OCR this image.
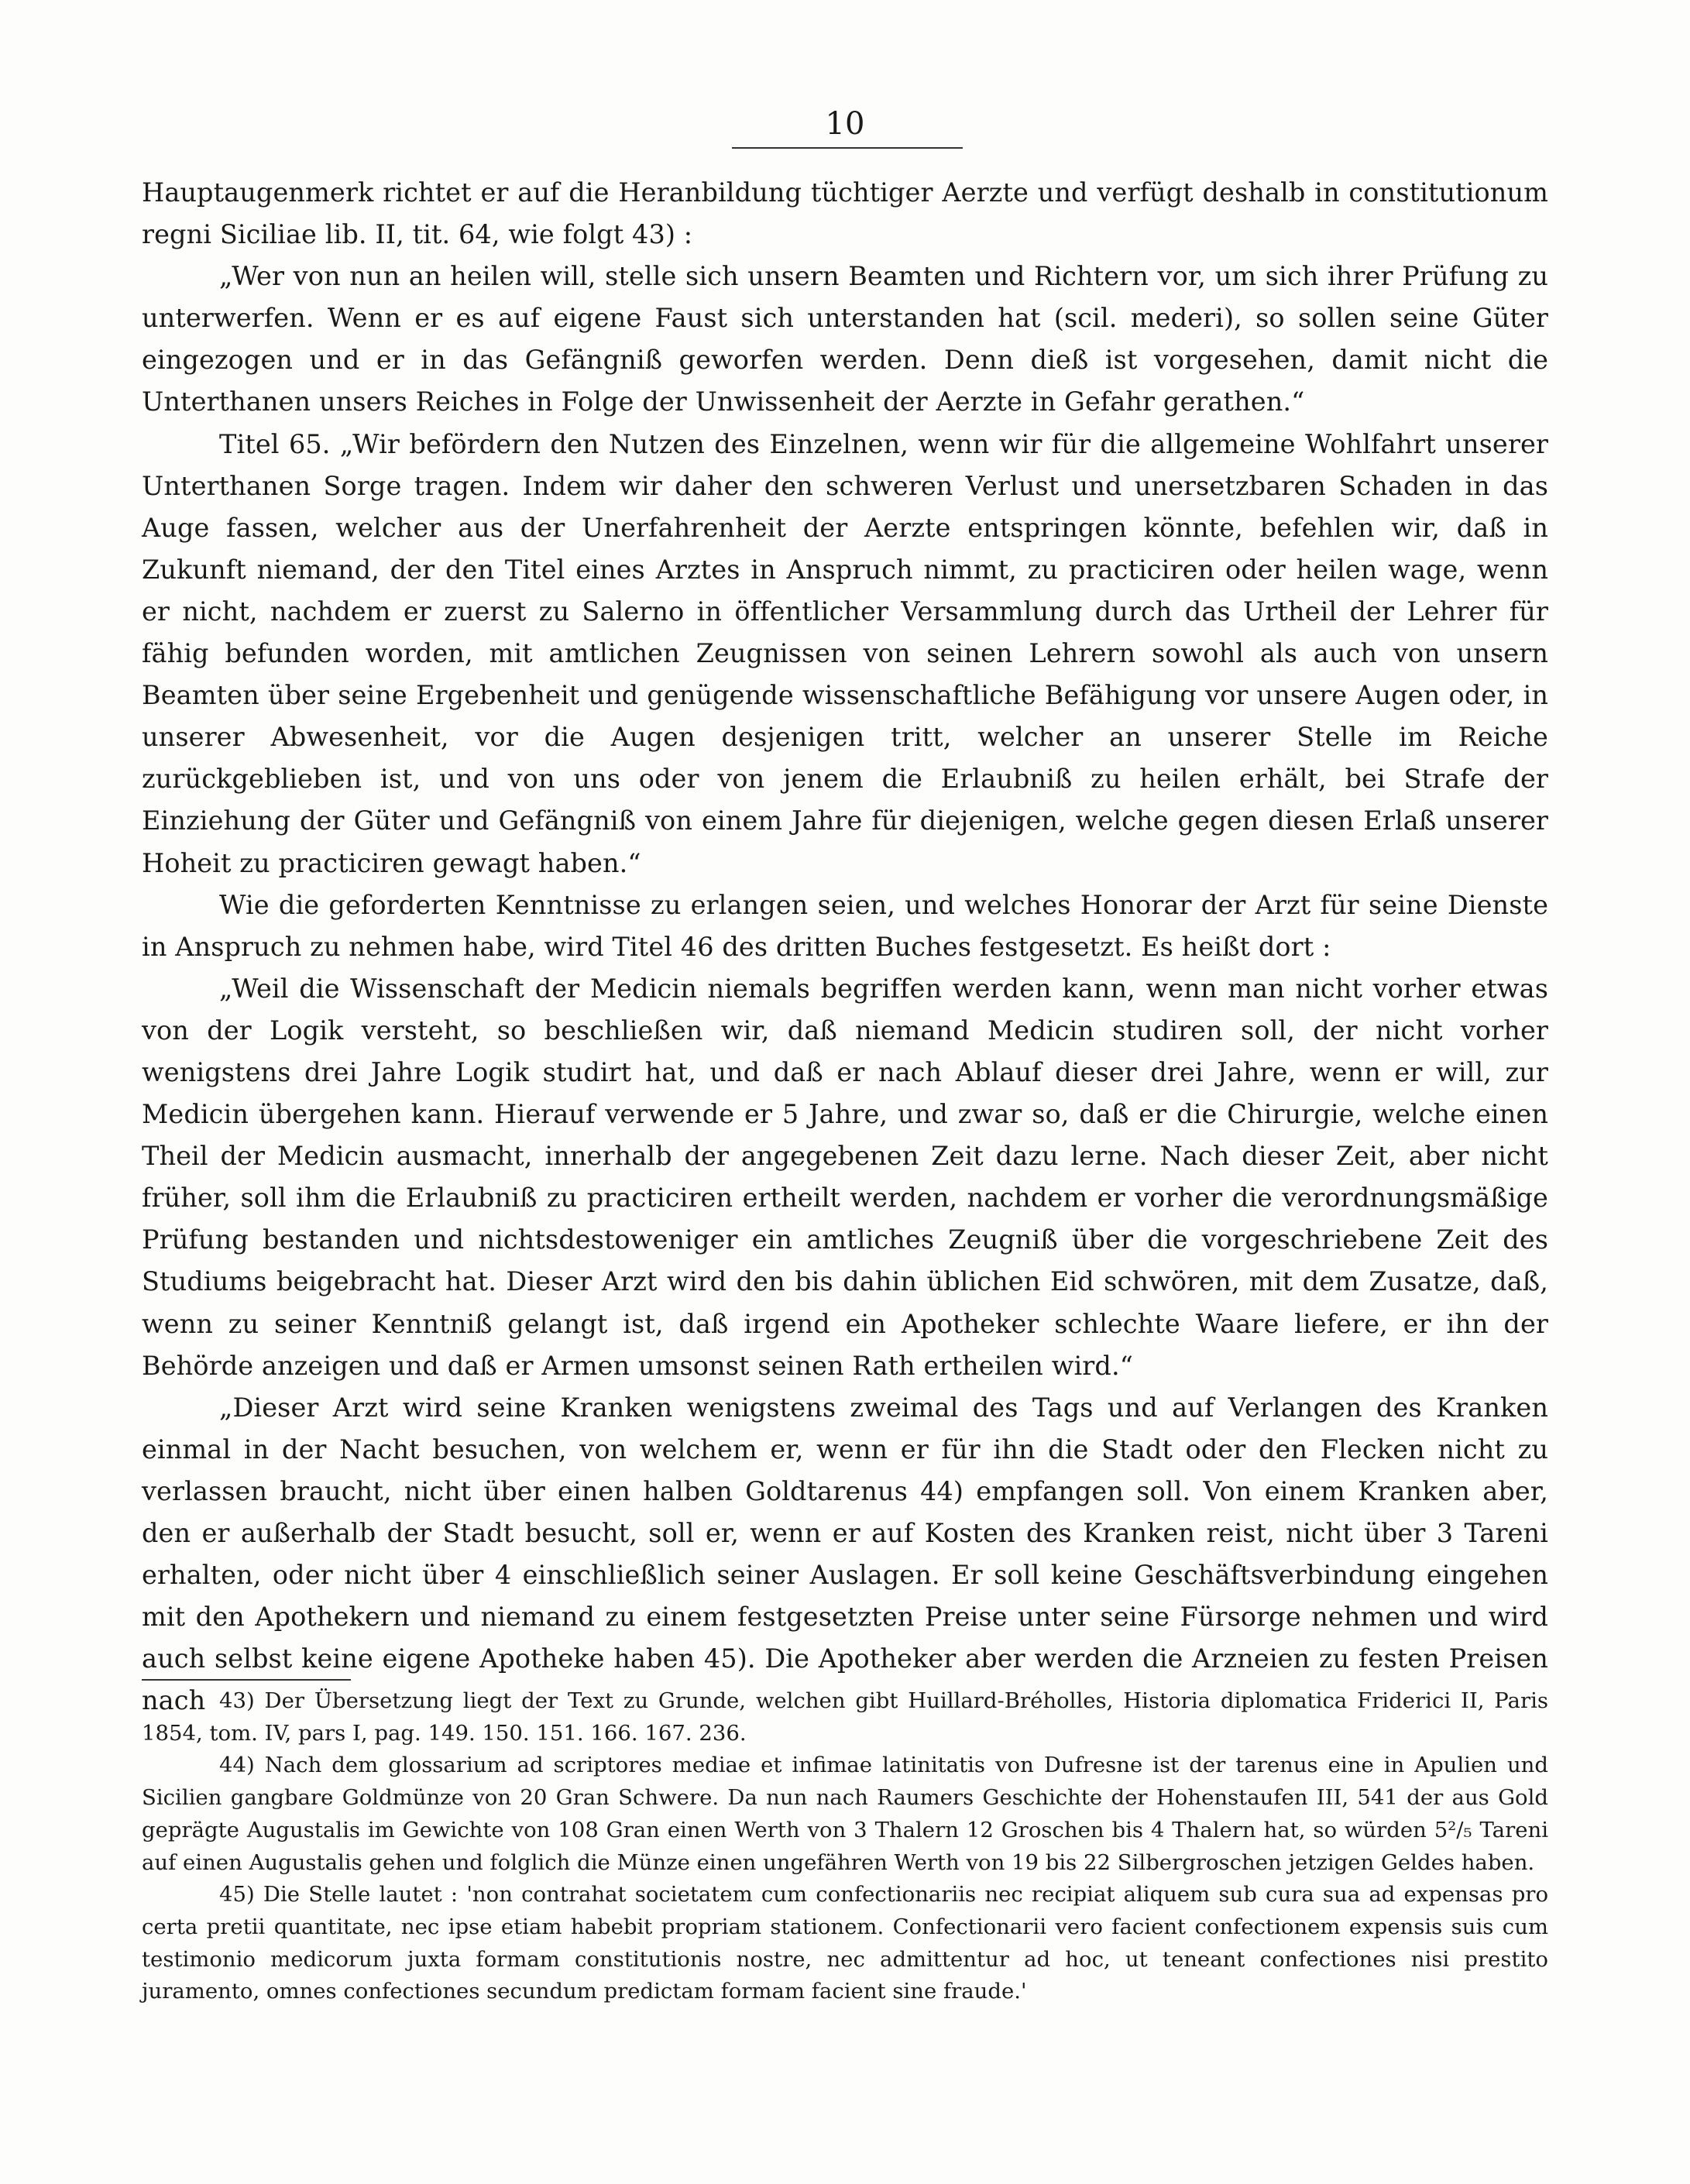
10

Hauptaugenmerk richtet er auf die Heranbildung tüchtiger Aerzte und verfügt deshalb in constitutionum regni Siciliae lib. II, tit. 64, wie folgt 43) :

„Wer von nun an heilen will, stelle sich unsern Beamten und Richtern vor, um sich ihrer Prüfung zu unterwerfen. Wenn er es auf eigene Faust sich unterstanden hat (scil. mederi), so sollen seine Güter eingezogen und er in das Gefängniß geworfen werden. Denn dieß ist vorgesehen, damit nicht die Unterthanen unsers Reiches in Folge der Unwissenheit der Aerzte in Gefahr gerathen.“

Titel 65. „Wir befördern den Nutzen des Einzelnen, wenn wir für die allgemeine Wohlfahrt unserer Unterthanen Sorge tragen. Indem wir daher den schweren Verlust und unersetzbaren Schaden in das Auge fassen, welcher aus der Unerfahrenheit der Aerzte entspringen könnte, befehlen wir, daß in Zukunft niemand, der den Titel eines Arztes in Anspruch nimmt, zu practiciren oder heilen wage, wenn er nicht, nachdem er zuerst zu Salerno in öffentlicher Versammlung durch das Urtheil der Lehrer für fähig befunden worden, mit amtlichen Zeugnissen von seinen Lehrern sowohl als auch von unsern Beamten über seine Ergebenheit und genügende wissenschaftliche Befähigung vor unsere Augen oder, in unserer Abwesenheit, vor die Augen desjenigen tritt, welcher an unserer Stelle im Reiche zurückgeblieben ist, und von uns oder von jenem die Erlaubniß zu heilen erhält, bei Strafe der Einziehung der Güter und Gefängniß von einem Jahre für diejenigen, welche gegen diesen Erlaß unserer Hoheit zu practiciren gewagt haben.“

Wie die geforderten Kenntnisse zu erlangen seien, und welches Honorar der Arzt für seine Dienste in Anspruch zu nehmen habe, wird Titel 46 des dritten Buches festgesetzt. Es heißt dort :

„Weil die Wissenschaft der Medicin niemals begriffen werden kann, wenn man nicht vorher etwas von der Logik versteht, so beschließen wir, daß niemand Medicin studiren soll, der nicht vorher wenigstens drei Jahre Logik studirt hat, und daß er nach Ablauf dieser drei Jahre, wenn er will, zur Medicin übergehen kann. Hierauf verwende er 5 Jahre, und zwar so, daß er die Chirurgie, welche einen Theil der Medicin ausmacht, innerhalb der angegebenen Zeit dazu lerne. Nach dieser Zeit, aber nicht früher, soll ihm die Erlaubniß zu practiciren ertheilt werden, nachdem er vorher die verordnungsmäßige Prüfung bestanden und nichtsdestoweniger ein amtliches Zeugniß über die vorgeschriebene Zeit des Studiums beigebracht hat. Dieser Arzt wird den bis dahin üblichen Eid schwören, mit dem Zusatze, daß, wenn zu seiner Kenntniß gelangt ist, daß irgend ein Apotheker schlechte Waare liefere, er ihn der Behörde anzeigen und daß er Armen umsonst seinen Rath ertheilen wird.“

„Dieser Arzt wird seine Kranken wenigstens zweimal des Tags und auf Verlangen des Kranken einmal in der Nacht besuchen, von welchem er, wenn er für ihn die Stadt oder den Flecken nicht zu verlassen braucht, nicht über einen halben Goldtarenus 44) empfangen soll. Von einem Kranken aber, den er außerhalb der Stadt besucht, soll er, wenn er auf Kosten des Kranken reist, nicht über 3 Tareni erhalten, oder nicht über 4 einschließlich seiner Auslagen. Er soll keine Geschäftsverbindung eingehen mit den Apothekern und niemand zu einem festgesetzten Preise unter seine Fürsorge nehmen und wird auch selbst keine eigene Apotheke haben 45). Die Apotheker aber werden die Arzneien zu festen Preisen nach 43) Der Übersetzung liegt der Text zu Grunde, welchen gibt Huillard-Bréholles, Historia diplomatica Friderici II, Paris 1854, tom. IV, pars I, pag. 149. 150. 151. 166. 167. 236.

44) Nach dem glossarium ad scriptores mediae et infimae latinitatis von Dufresne ist der tarenus eine in Apulien und Sicilien gangbare Goldmünze von 20 Gran Schwere. Da nun nach Raumers Geschichte der Hohenstaufen III, 541 der aus Gold geprägte Augustalis im Gewichte von 108 Gran einen Werth von 3 Thalern 12 Groschen bis 4 Thalern hat, so würden 5²/₅ Tareni auf einen Augustalis gehen und folglich die Münze einen ungefähren Werth von 19 bis 22 Silbergroschen jetzigen Geldes haben.

45) Die Stelle lautet : 'non contrahat societatem cum confectionariis nec recipiat aliquem sub cura sua ad expensas pro certa pretii quantitate, nec ipse etiam habebit propriam stationem. Confectionarii vero facient confectionem expensis suis cum testimonio medicorum juxta formam constitutionis nostre, nec admittentur ad hoc, ut teneant confectiones nisi prestito juramento, omnes confectiones secundum predictam formam facient sine fraude.'
